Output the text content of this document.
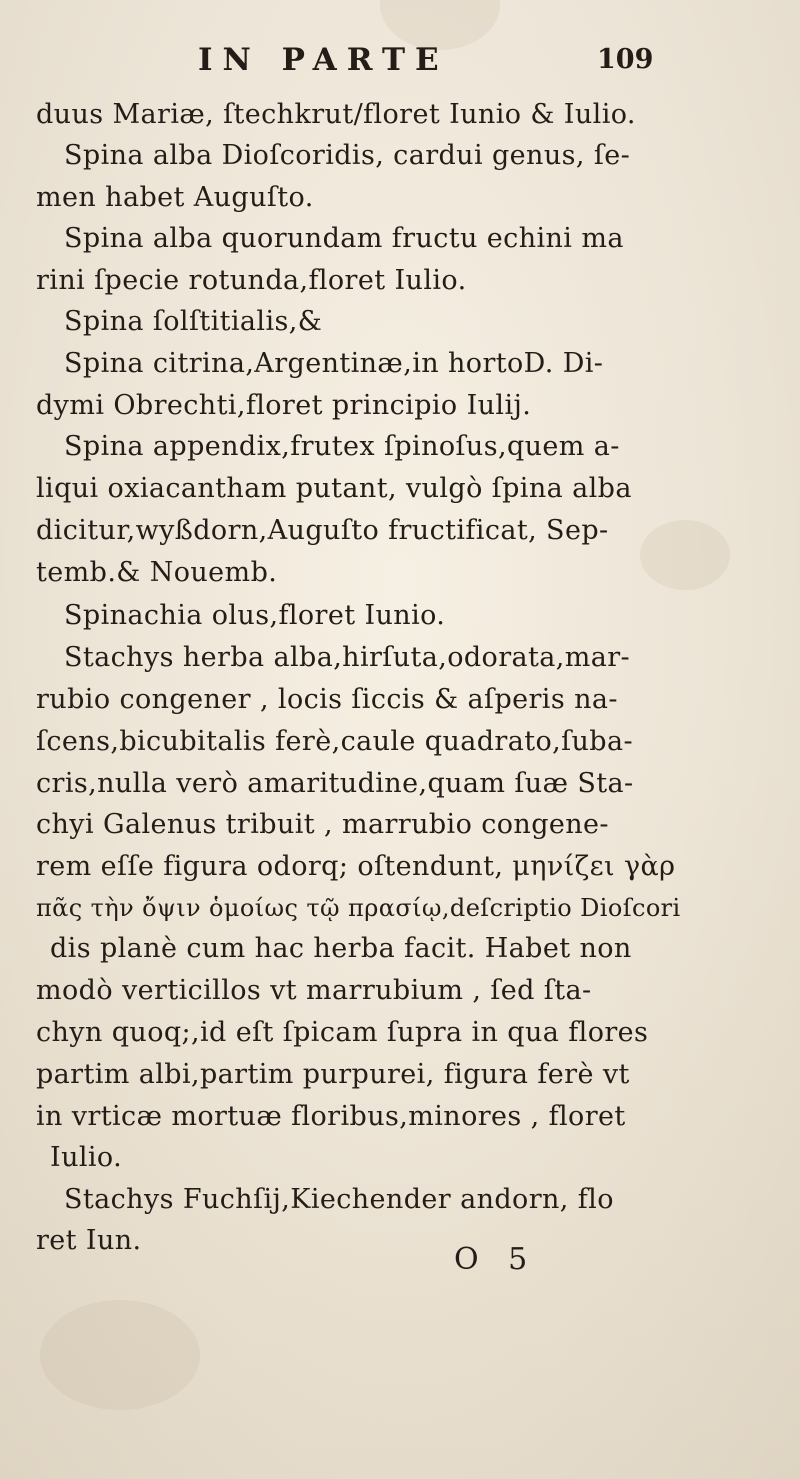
IN PARTE	109
duus Mariæ, ſtechkrut/floret Iunio & Iulio.
Spina alba Dioſcoridis, cardui genus, ſe-
men habet Auguſto.
Spina alba quorundam fructu echini ma
rini ſpecie rotunda,floret Iulio.
Spina ſolſtitialis,&
Spina citrina,Argentinæ,in hortoD. Di-
dymi Obrechti,floret principio Iulij.
Spina appendix,frutex ſpinoſus,quem a-
liqui oxiacantham putant, vulgò ſpina alba
dicitur,wyßdorn,Auguſto fructificat, Sep-
temb.& Nouemb.
Spinachia olus,floret Iunio.
Stachys herba alba,hirſuta,odorata,mar-
rubio congener , locis ſiccis & aſperis na-
ſcens,bicubitalis ferè,caule quadrato,ſuba-
cris,nulla verò amaritudine,quam ſuæ Sta-
chyi Galenus tribuit , marrubio congene-
rem eſſe figura odorq; oſtendunt, μηνίζει γὰρ
πᾶς τὴν ὄψιν ὁμοίως τῷ πρασίῳ,deſcriptio Dioſcori
dis planè cum hac herba facit. Habet non
modò verticillos vt marrubium , ſed ſta-
chyn quoq;,id eſt ſpicam ſupra in qua flores
partim albi,partim purpurei, figura ferè vt
in vrticæ mortuæ floribus,minores , floret
Iulio.
Stachys Fuchſij,Kiechender andorn, flo
ret Iun.
O 5
